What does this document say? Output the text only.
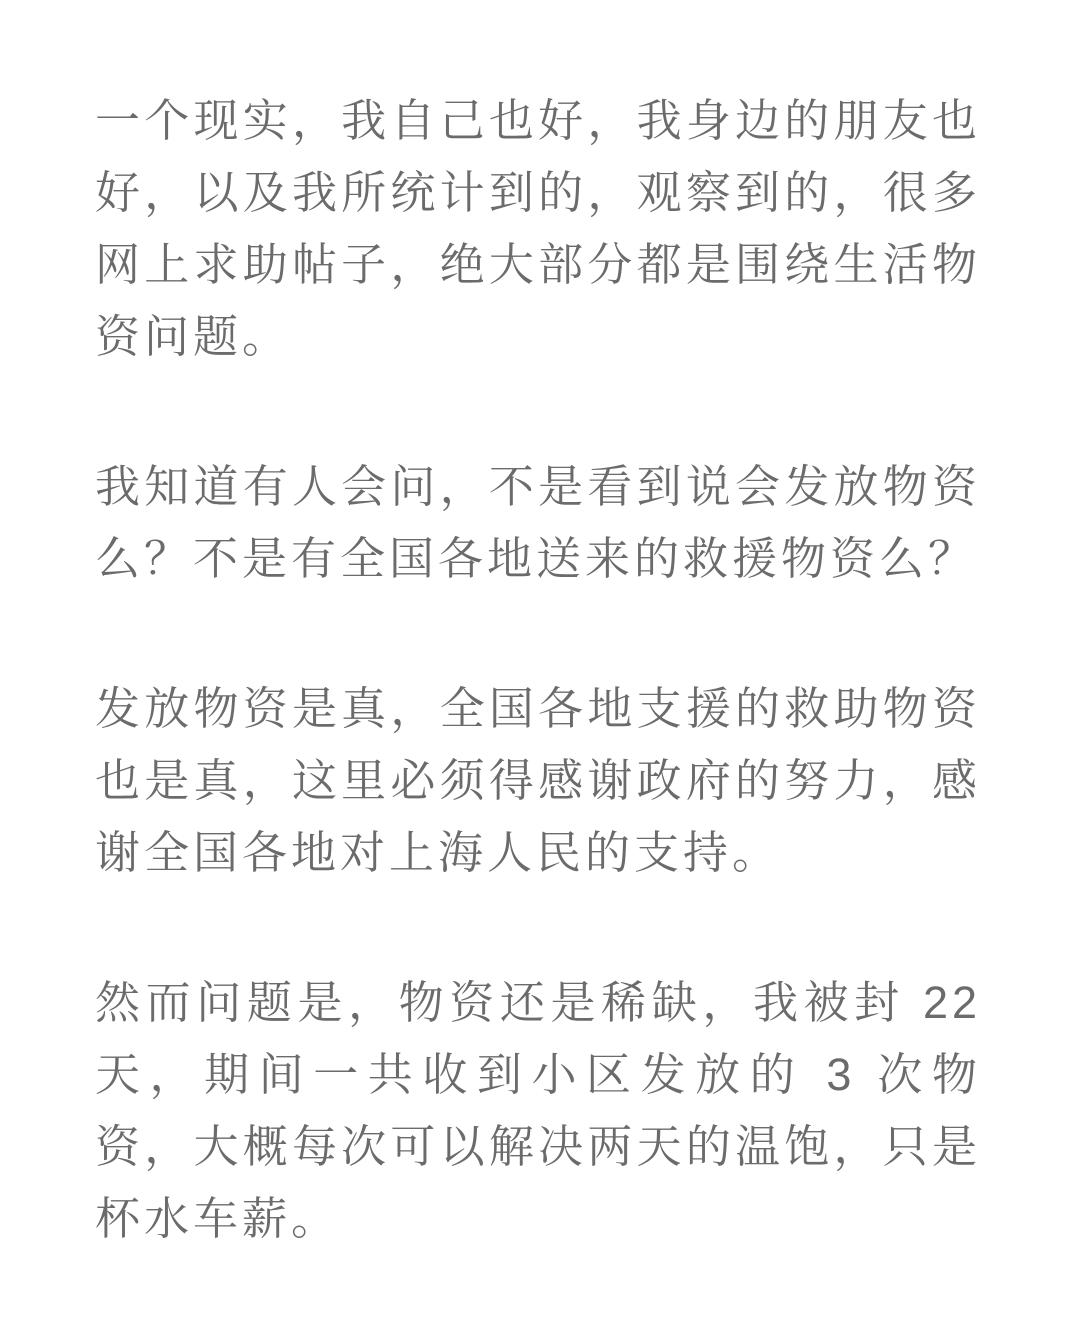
一个现实，我自己也好，我身边的朋友也好，以及我所统计到的，观察到的，很多网上求助帖子，绝大部分都是围绕生活物资问题。

我知道有人会问，不是看到说会发放物资么？不是有全国各地送来的救援物资么？

发放物资是真，全国各地支援的救助物资也是真，这里必须得感谢政府的努力，感谢全国各地对上海人民的支持。

然而问题是，物资还是稀缺，我被封 22 天，期间一共收到小区发放的 3 次物资，大概每次可以解决两天的温饱，只是杯水车薪。
